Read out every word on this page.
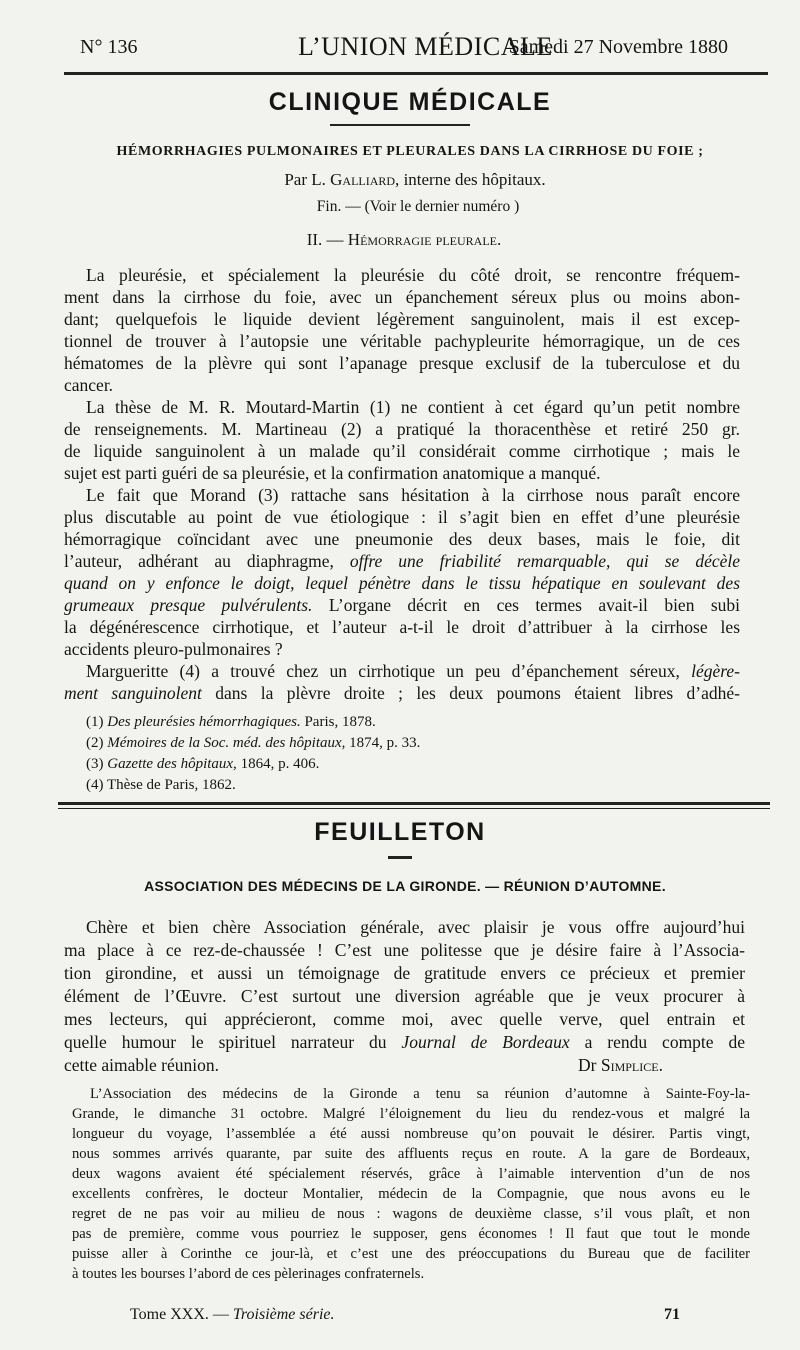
N° 136	L’UNION MÉDICALE
Samedi 27 Novembre 1880
CLINIQUE MÉDICALE
HÉMORRHAGIES PULMONAIRES ET PLEURALES DANS LA CIRRHOSE DU FOIE ;
Par L. Galliard, interne des hôpitaux.
Fin. — (Voir le dernier numéro )
II. — Hémorragie pleurale.
La pleurésie, et spécialement la pleurésie du côté droit, se rencontre fréquem-
ment dans la cirrhose du foie, avec un épanchement séreux plus ou moins abon-
dant; quelquefois le liquide devient légèrement sanguinolent, mais il est excep-
tionnel de trouver à l’autopsie une véritable pachypleurite hémorragique, un de ces
hématomes de la plèvre qui sont l’apanage presque exclusif de la tuberculose et du
cancer.
La thèse de M. R. Moutard-Martin (1) ne contient à cet égard qu’un petit nombre
de renseignements. M. Martineau (2) a pratiqué la thoracenthèse et retiré 250 gr.
de liquide sanguinolent à un malade qu’il considérait comme cirrhotique ; mais le
sujet est parti guéri de sa pleurésie, et la confirmation anatomique a manqué.
Le fait que Morand (3) rattache sans hésitation à la cirrhose nous paraît encore
plus discutable au point de vue étiologique : il s’agit bien en effet d’une pleurésie
hémorragique coïncidant avec une pneumonie des deux bases, mais le foie, dit
l’auteur, adhérant au diaphragme, offre une friabilité remarquable, qui se décèle
quand on y enfonce le doigt, lequel pénètre dans le tissu hépatique en soulevant des
grumeaux presque pulvérulents. L’organe décrit en ces termes avait-il bien subi
la dégénérescence cirrhotique, et l’auteur a-t-il le droit d’attribuer à la cirrhose les
accidents pleuro-pulmonaires ?
Margueritte (4) a trouvé chez un cirrhotique un peu d’épanchement séreux, légère-
ment sanguinolent dans la plèvre droite ; les deux poumons étaient libres d’adhé-
(1) Des pleurésies hémorrhagiques. Paris, 1878.
(2) Mémoires de la Soc. méd. des hôpitaux, 1874, p. 33.
(3) Gazette des hôpitaux, 1864, p. 406.
(4) Thèse de Paris, 1862.
FEUILLETON
ASSOCIATION DES MÉDECINS DE LA GIRONDE. — RÉUNION D’AUTOMNE.
Chère et bien chère Association générale, avec plaisir je vous offre aujourd’hui
ma place à ce rez-de-chaussée ! C’est une politesse que je désire faire à l’Associa-
tion girondine, et aussi un témoignage de gratitude envers ce précieux et premier
élément de l’Œuvre. C’est surtout une diversion agréable que je veux procurer à
mes lecteurs, qui apprécieront, comme moi, avec quelle verve, quel entrain et
quelle humour le spirituel narrateur du Journal de Bordeaux a rendu compte de
cette aimable réunion.	Dr Simplice.
L’Association des médecins de la Gironde a tenu sa réunion d’automne à Sainte-Foy-la-
Grande, le dimanche 31 octobre. Malgré l’éloignement du lieu du rendez-vous et malgré la
longueur du voyage, l’assemblée a été aussi nombreuse qu’on pouvait le désirer. Partis vingt,
nous sommes arrivés quarante, par suite des affluents reçus en route. A la gare de Bordeaux,
deux wagons avaient été spécialement réservés, grâce à l’aimable intervention d’un de nos
excellents confrères, le docteur Montalier, médecin de la Compagnie, que nous avons eu le
regret de ne pas voir au milieu de nous : wagons de deuxième classe, s’il vous plaît, et non
pas de première, comme vous pourriez le supposer, gens économes ! Il faut que tout le monde
puisse aller à Corinthe ce jour-là, et c’est une des préoccupations du Bureau que de faciliter
à toutes les bourses l’abord de ces pèlerinages confraternels.
Tome XXX. — Troisième série.	71
